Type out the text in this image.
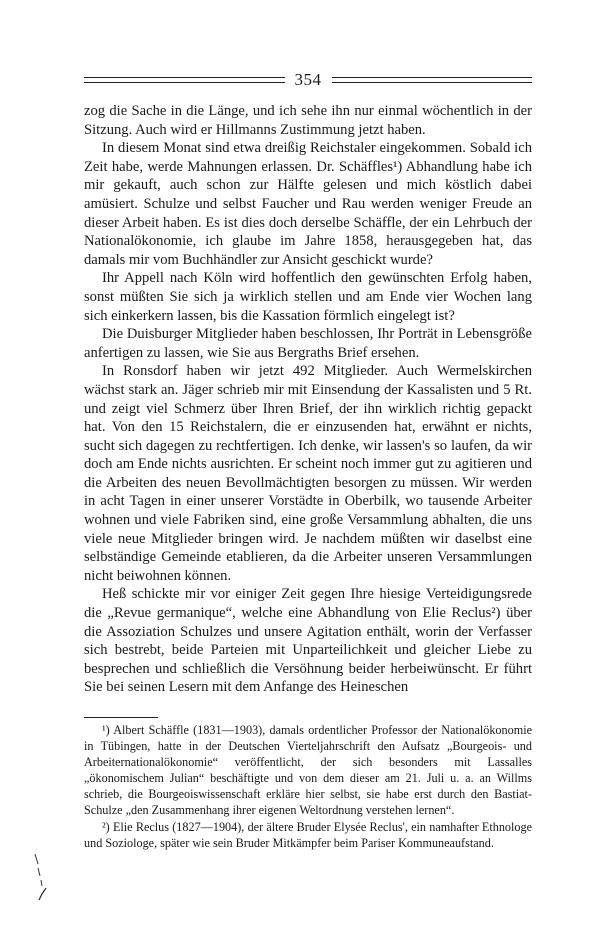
354

zog die Sache in die Länge, und ich sehe ihn nur einmal wöchentlich in der Sitzung. Auch wird er Hillmanns Zustimmung jetzt haben.

In diesem Monat sind etwa dreißig Reichstaler eingekommen. Sobald ich Zeit habe, werde Mahnungen erlassen. Dr. Schäffles¹) Abhandlung habe ich mir gekauft, auch schon zur Hälfte gelesen und mich köstlich dabei amüsiert. Schulze und selbst Faucher und Rau werden weniger Freude an dieser Arbeit haben. Es ist dies doch derselbe Schäffle, der ein Lehrbuch der Nationalökonomie, ich glaube im Jahre 1858, herausgegeben hat, das damals mir vom Buchhändler zur Ansicht geschickt wurde?

Ihr Appell nach Köln wird hoffentlich den gewünschten Erfolg haben, sonst müßten Sie sich ja wirklich stellen und am Ende vier Wochen lang sich einkerkern lassen, bis die Kassation förmlich eingelegt ist?

Die Duisburger Mitglieder haben beschlossen, Ihr Porträt in Lebensgröße anfertigen zu lassen, wie Sie aus Bergraths Brief ersehen.

In Ronsdorf haben wir jetzt 492 Mitglieder. Auch Wermelskirchen wächst stark an. Jäger schrieb mir mit Einsendung der Kassalisten und 5 Rt. und zeigt viel Schmerz über Ihren Brief, der ihn wirklich richtig gepackt hat. Von den 15 Reichstalern, die er einzusenden hat, erwähnt er nichts, sucht sich dagegen zu rechtfertigen. Ich denke, wir lassen's so laufen, da wir doch am Ende nichts ausrichten. Er scheint noch immer gut zu agitieren und die Arbeiten des neuen Bevollmächtigten besorgen zu müssen. Wir werden in acht Tagen in einer unserer Vorstädte in Oberbilk, wo tausende Arbeiter wohnen und viele Fabriken sind, eine große Versammlung abhalten, die uns viele neue Mitglieder bringen wird. Je nachdem müßten wir daselbst eine selbständige Gemeinde etablieren, da die Arbeiter unseren Versammlungen nicht beiwohnen können.

Heß schickte mir vor einiger Zeit gegen Ihre hiesige Verteidigungsrede die „Revue germanique“, welche eine Abhandlung von Elie Reclus²) über die Assoziation Schulzes und unsere Agitation enthält, worin der Verfasser sich bestrebt, beide Parteien mit Unparteilichkeit und gleicher Liebe zu besprechen und schließlich die Versöhnung beider herbeiwünscht. Er führt Sie bei seinen Lesern mit dem Anfange des Heineschen

¹) Albert Schäffle (1831—1903), damals ordentlicher Professor der Nationalökonomie in Tübingen, hatte in der Deutschen Vierteljahrschrift den Aufsatz „Bourgeois- und Arbeiternationalökonomie“ veröffentlicht, der sich besonders mit Lassalles „ökonomischem Julian“ beschäftigte und von dem dieser am 21. Juli u. a. an Willms schrieb, die Bourgeoiswissenschaft erkläre hier selbst, sie habe erst durch den Bastiat-Schulze „den Zusammenhang ihrer eigenen Weltordnung verstehen lernen“.

²) Elie Reclus (1827—1904), der ältere Bruder Elysée Reclus', ein namhafter Ethnologe und Soziologe, später wie sein Bruder Mitkämpfer beim Pariser Kommuneaufstand.
